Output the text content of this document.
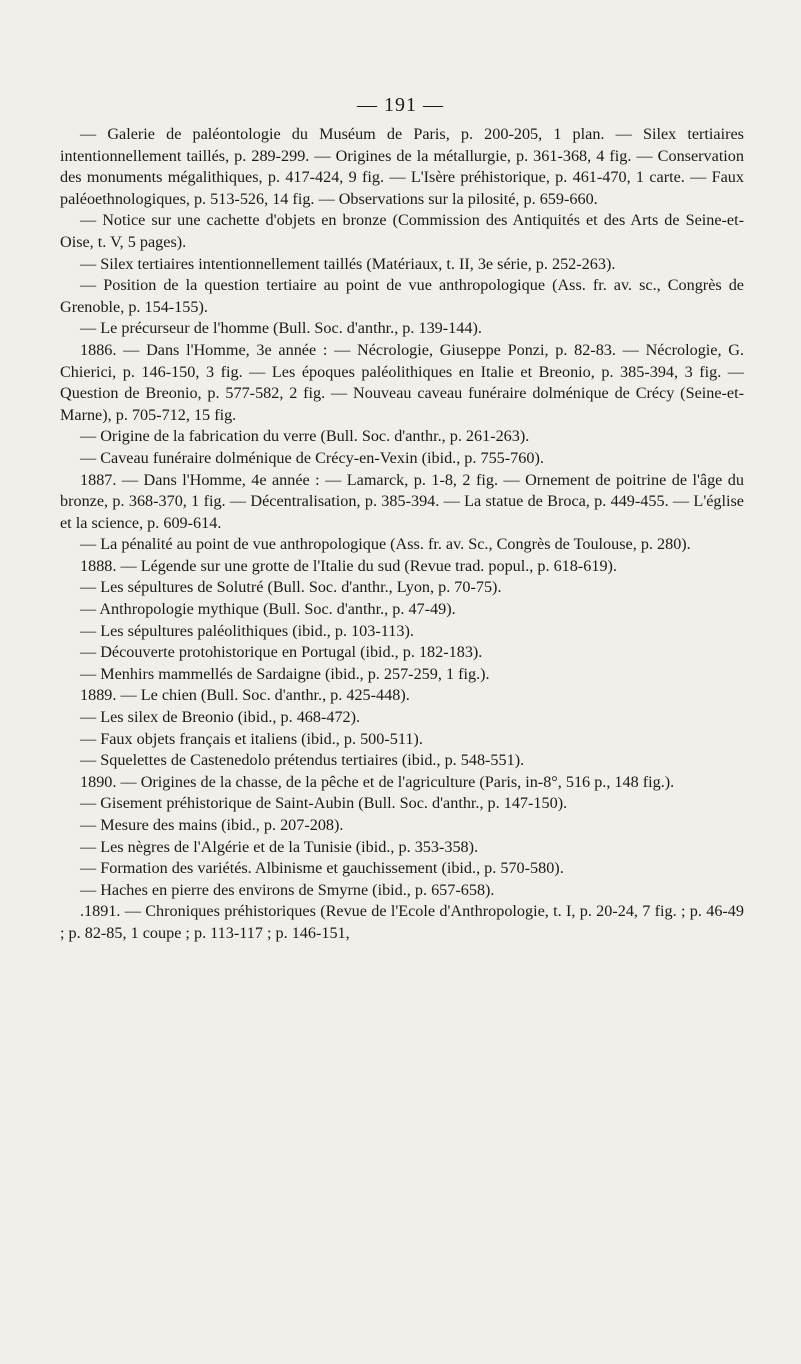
— 191 —

— Galerie de paléontologie du Muséum de Paris, p. 200-205, 1 plan. — Silex tertiaires intentionnellement taillés, p. 289-299. — Origines de la métallurgie, p. 361-368, 4 fig. — Conservation des monuments mégalithiques, p. 417-424, 9 fig. — L'Isère préhistorique, p. 461-470, 1 carte. — Faux paléoethnologiques, p. 513-526, 14 fig. — Observations sur la pilosité, p. 659-660.

— Notice sur une cachette d'objets en bronze (Commission des Antiquités et des Arts de Seine-et-Oise, t. V, 5 pages).

— Silex tertiaires intentionnellement taillés (Matériaux, t. II, 3e série, p. 252-263).

— Position de la question tertiaire au point de vue anthropologique (Ass. fr. av. sc., Congrès de Grenoble, p. 154-155).

— Le précurseur de l'homme (Bull. Soc. d'anthr., p. 139-144).

1886. — Dans l'Homme, 3e année : — Nécrologie, Giuseppe Ponzi, p. 82-83. — Nécrologie, G. Chierici, p. 146-150, 3 fig. — Les époques paléolithiques en Italie et Breonio, p. 385-394, 3 fig. — Question de Breonio, p. 577-582, 2 fig. — Nouveau caveau funéraire dolménique de Crécy (Seine-et-Marne), p. 705-712, 15 fig.

— Origine de la fabrication du verre (Bull. Soc. d'anthr., p. 261-263).

— Caveau funéraire dolménique de Crécy-en-Vexin (ibid., p. 755-760).

1887. — Dans l'Homme, 4e année : — Lamarck, p. 1-8, 2 fig. — Ornement de poitrine de l'âge du bronze, p. 368-370, 1 fig. — Décentralisation, p. 385-394. — La statue de Broca, p. 449-455. — L'église et la science, p. 609-614.

— La pénalité au point de vue anthropologique (Ass. fr. av. Sc., Congrès de Toulouse, p. 280).

1888. — Légende sur une grotte de l'Italie du sud (Revue trad. popul., p. 618-619).

— Les sépultures de Solutré (Bull. Soc. d'anthr., Lyon, p. 70-75).

— Anthropologie mythique (Bull. Soc. d'anthr., p. 47-49).

— Les sépultures paléolithiques (ibid., p. 103-113).

— Découverte protohistorique en Portugal (ibid., p. 182-183).

— Menhirs mammellés de Sardaigne (ibid., p. 257-259, 1 fig.).

1889. — Le chien (Bull. Soc. d'anthr., p. 425-448).

— Les silex de Breonio (ibid., p. 468-472).

— Faux objets français et italiens (ibid., p. 500-511).

— Squelettes de Castenedolo prétendus tertiaires (ibid., p. 548-551).

1890. — Origines de la chasse, de la pêche et de l'agriculture (Paris, in-8°, 516 p., 148 fig.).

— Gisement préhistorique de Saint-Aubin (Bull. Soc. d'anthr., p. 147-150).

— Mesure des mains (ibid., p. 207-208).

— Les nègres de l'Algérie et de la Tunisie (ibid., p. 353-358).

— Formation des variétés. Albinisme et gauchissement (ibid., p. 570-580).

— Haches en pierre des environs de Smyrne (ibid., p. 657-658).

.1891. — Chroniques préhistoriques (Revue de l'Ecole d'Anthropologie, t. I, p. 20-24, 7 fig. ; p. 46-49 ; p. 82-85, 1 coupe ; p. 113-117 ; p. 146-151,
